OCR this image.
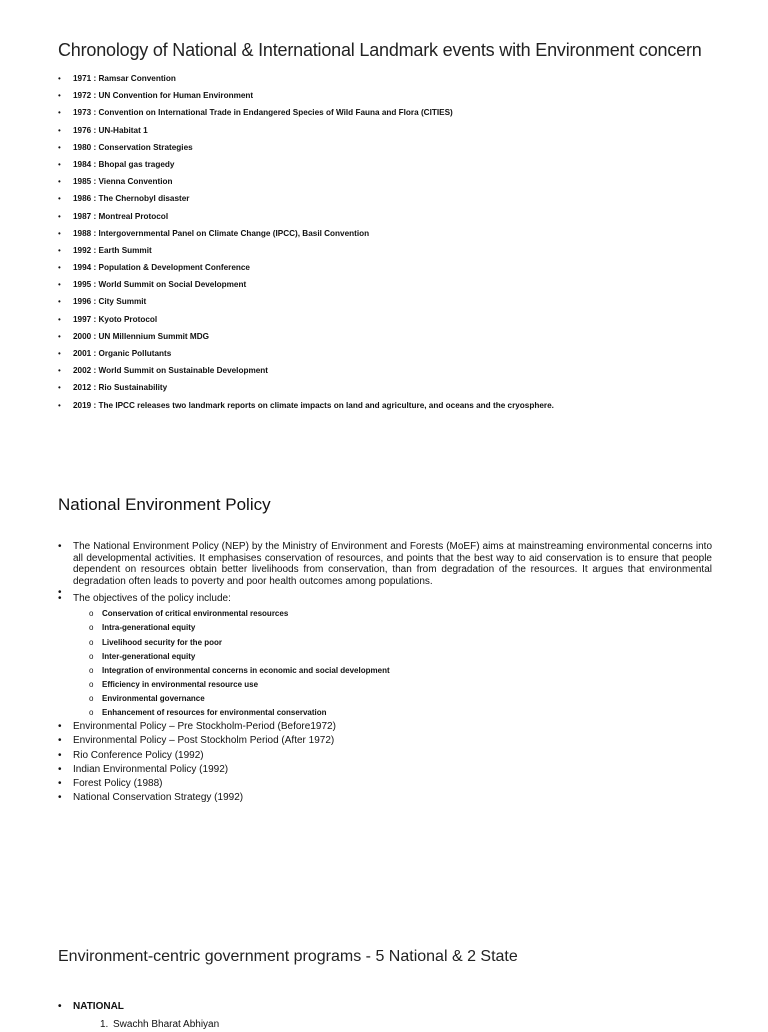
Chronology of National & International Landmark events with Environment concern
• 1971 : Ramsar Convention
• 1972 : UN Convention for Human Environment
• 1973 : Convention on International Trade in Endangered Species of Wild Fauna and Flora (CITIES)
• 1976 : UN-Habitat 1
• 1980 : Conservation Strategies
• 1984 : Bhopal gas tragedy
• 1985 : Vienna Convention
• 1986 : The Chernobyl disaster
• 1987 : Montreal Protocol
• 1988 : Intergovernmental Panel on Climate Change (IPCC), Basil Convention
• 1992 : Earth Summit
• 1994 : Population & Development Conference
• 1995 : World Summit on Social Development
• 1996 : City Summit
• 1997 : Kyoto Protocol
• 2000 : UN Millennium Summit MDG
• 2001 : Organic Pollutants
• 2002 : World Summit on Sustainable Development
• 2012 : Rio Sustainability
• 2019 : The IPCC releases two landmark reports on climate impacts on land and agriculture, and oceans and the cryosphere.
National Environment Policy

• The National Environment Policy (NEP) by the Ministry of Environment and Forests (MoEF) aims at mainstreaming environmental concerns into all developmental activities. It emphasises conservation of resources, and points that the best way to aid conservation is to ensure that people dependent on resources obtain better livelihoods from conservation, than from degradation of the resources. It argues that environmental degradation often leads to poverty and poor health outcomes among populations.

•
• The objectives of the policy include:
o Conservation of critical environmental resources
o Intra-generational equity
o Livelihood security for the poor
o Inter-generational equity
o Integration of environmental concerns in economic and social development
o Efficiency in environmental resource use
o Environmental governance
o Enhancement of resources for environmental conservation
• Environmental Policy – Pre Stockholm-Period (Before1972)
• Environmental Policy – Post Stockholm Period (After 1972)
• Rio Conference Policy (1992)
• Indian Environmental Policy (1992)
• Forest Policy (1988)
• National Conservation Strategy (1992)
Environment-centric government programs - 5 National & 2 State
• NATIONAL
1. Swachh Bharat Abhiyan
